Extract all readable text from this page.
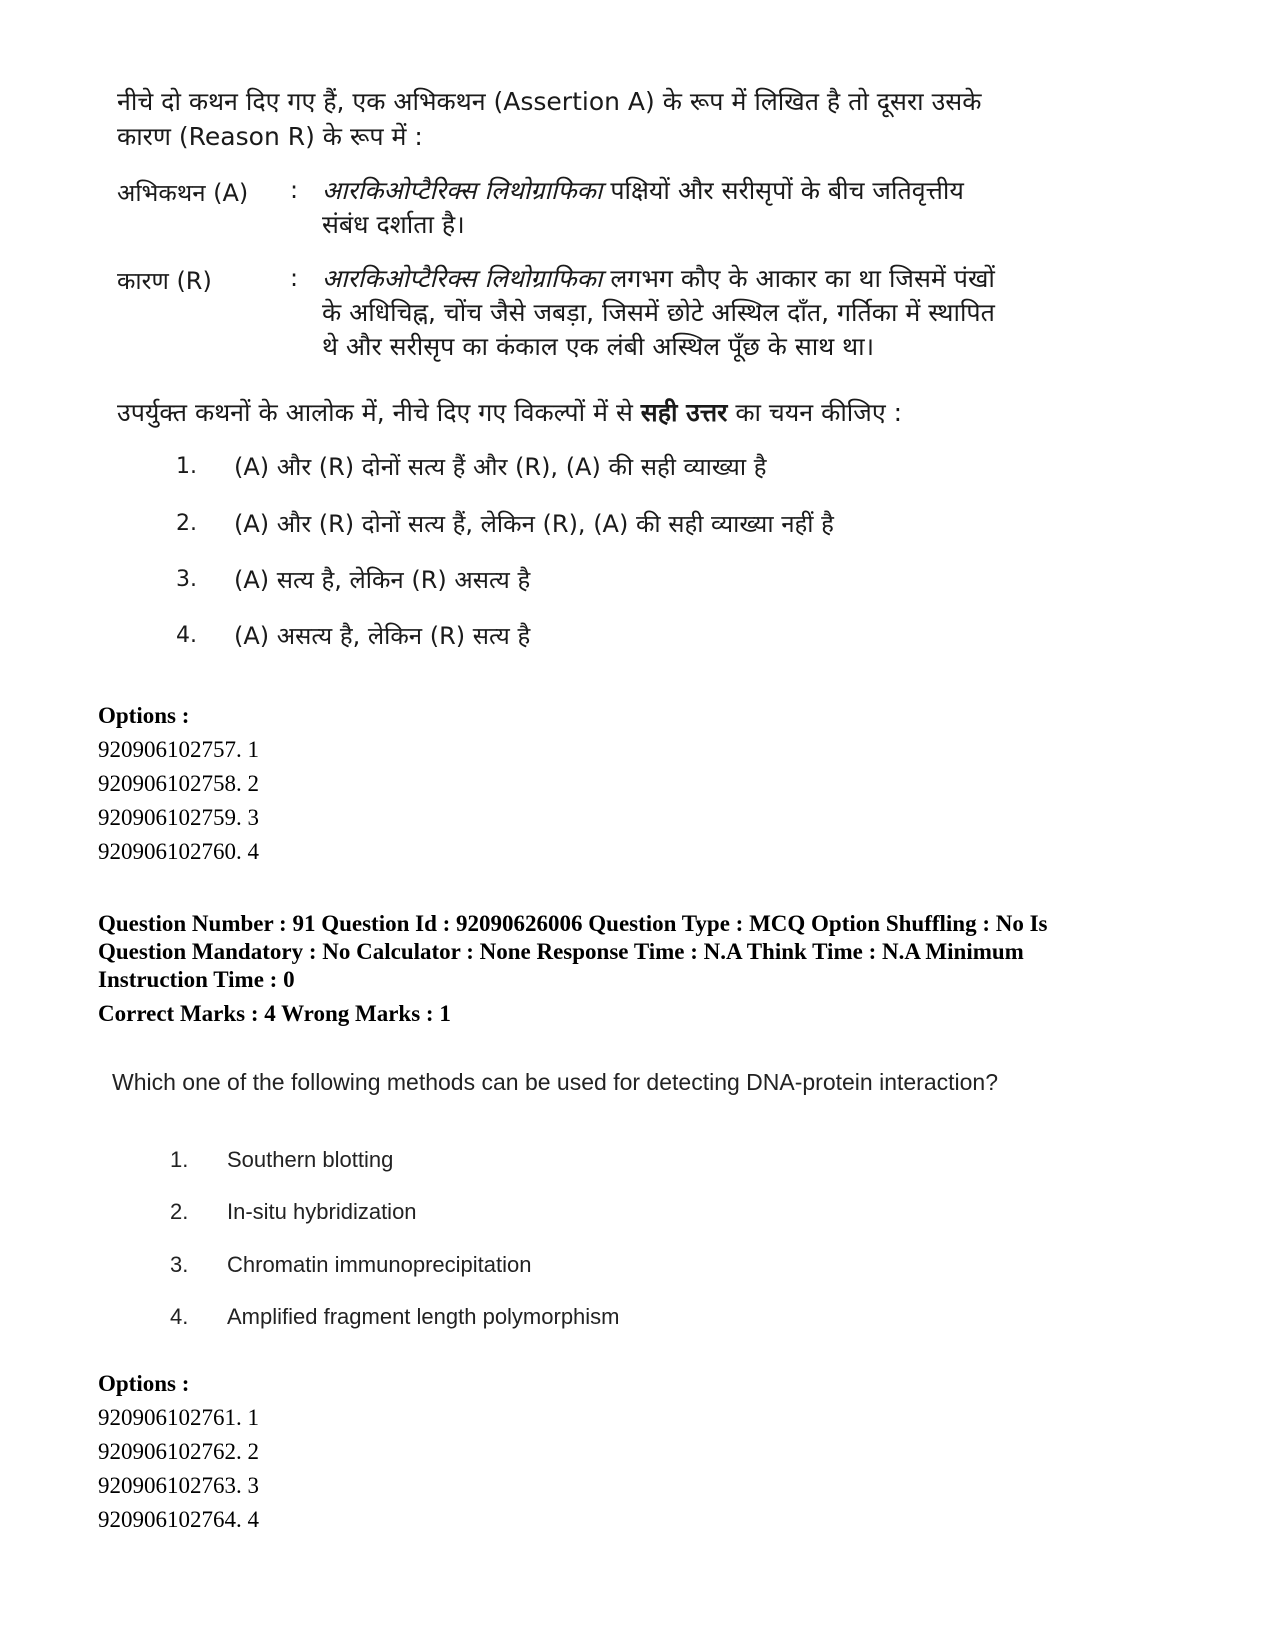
नीचे दो कथन दिए गए हैं, एक अभिकथन (Assertion A) के रूप में लिखित है तो दूसरा उसके कारण (Reason R) के रूप में :
अभिकथन (A) : आरकिओप्टैरिक्स लिथोग्राफिका पक्षियों और सरीसृपों के बीच जतिवृत्तीय संबंध दर्शाता है।
कारण (R)	: आरकिओप्टैरिक्स लिथोग्राफिका लगभग कौए के आकार का था जिसमें पंखों के अधिचिह्न, चोंच जैसे जबड़ा, जिसमें छोटे अस्थिल दाँत, गर्तिका में स्थापित थे और सरीसृप का कंकाल एक लंबी अस्थिल पूँछ के साथ था।
उपर्युक्त कथनों के आलोक में, नीचे दिए गए विकल्पों में से सही उत्तर का चयन कीजिए :
1. (A) और (R) दोनों सत्य हैं और (R), (A) की सही व्याख्या है
2. (A) और (R) दोनों सत्य हैं, लेकिन (R), (A) की सही व्याख्या नहीं है
3. (A) सत्य है, लेकिन (R) असत्य है
4. (A) असत्य है, लेकिन (R) सत्य है
Options :
920906102757. 1
920906102758. 2
920906102759. 3
920906102760. 4
Question Number : 91 Question Id : 92090626006 Question Type : MCQ Option Shuffling : No Is
Question Mandatory : No Calculator : None Response Time : N.A Think Time : N.A Minimum
Instruction Time : 0
Correct Marks : 4 Wrong Marks : 1
Which one of the following methods can be used for detecting DNA-protein interaction?
1. Southern blotting
2. In-situ hybridization
3. Chromatin immunoprecipitation
4. Amplified fragment length polymorphism
Options :
920906102761. 1
920906102762. 2
920906102763. 3
920906102764. 4
